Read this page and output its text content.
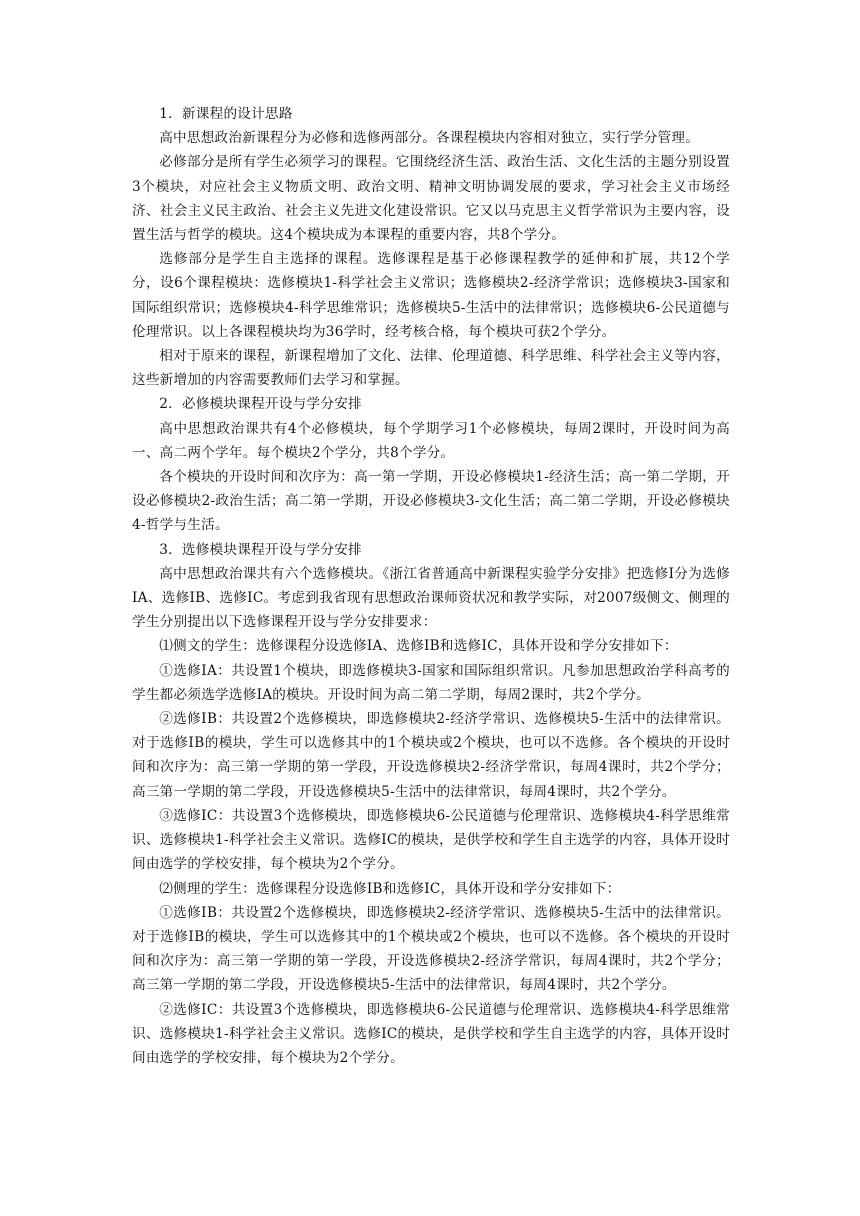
1．新课程的设计思路

高中思想政治新课程分为必修和选修两部分。各课程模块内容相对独立，实行学分管理。

必修部分是所有学生必须学习的课程。它围绕经济生活、政治生活、文化生活的主题分别设置3个模块，对应社会主义物质文明、政治文明、精神文明协调发展的要求，学习社会主义市场经济、社会主义民主政治、社会主义先进文化建设常识。它又以马克思主义哲学常识为主要内容，设置生活与哲学的模块。这4个模块成为本课程的重要内容，共8个学分。

选修部分是学生自主选择的课程。选修课程是基于必修课程教学的延伸和扩展，共12个学分，设6个课程模块：选修模块1-科学社会主义常识；选修模块2-经济学常识；选修模块3-国家和国际组织常识；选修模块4-科学思维常识；选修模块5-生活中的法律常识；选修模块6-公民道德与伦理常识。以上各课程模块均为36学时，经考核合格，每个模块可获2个学分。

相对于原来的课程，新课程增加了文化、法律、伦理道德、科学思维、科学社会主义等内容，这些新增加的内容需要教师们去学习和掌握。

2．必修模块课程开设与学分安排

高中思想政治课共有4个必修模块，每个学期学习1个必修模块，每周2课时，开设时间为高一、高二两个学年。每个模块2个学分，共8个学分。

各个模块的开设时间和次序为：高一第一学期，开设必修模块1-经济生活；高一第二学期，开设必修模块2-政治生活；高二第一学期，开设必修模块3-文化生活；高二第二学期，开设必修模块4-哲学与生活。

3．选修模块课程开设与学分安排

高中思想政治课共有六个选修模块。《浙江省普通高中新课程实验学分安排》把选修Ⅰ分为选修ⅠA、选修ⅠB、选修ⅠC。考虑到我省现有思想政治课师资状况和教学实际，对2007级侧文、侧理的学生分别提出以下选修课程开设与学分安排要求：

⑴侧文的学生：选修课程分设选修ⅠA、选修ⅠB和选修ⅠC，具体开设和学分安排如下：

①选修ⅠA：共设置1个模块，即选修模块3-国家和国际组织常识。凡参加思想政治学科高考的学生都必须选学选修ⅠA的模块。开设时间为高二第二学期，每周2课时，共2个学分。

②选修ⅠB：共设置2个选修模块，即选修模块2-经济学常识、选修模块5-生活中的法律常识。对于选修ⅠB的模块，学生可以选修其中的1个模块或2个模块，也可以不选修。各个模块的开设时间和次序为：高三第一学期的第一学段，开设选修模块2-经济学常识，每周4课时，共2个学分；高三第一学期的第二学段，开设选修模块5-生活中的法律常识，每周4课时，共2个学分。

③选修ⅠC：共设置3个选修模块，即选修模块6-公民道德与伦理常识、选修模块4-科学思维常识、选修模块1-科学社会主义常识。选修ⅠC的模块，是供学校和学生自主选学的内容，具体开设时间由选学的学校安排，每个模块为2个学分。

⑵侧理的学生：选修课程分设选修ⅠB和选修ⅠC，具体开设和学分安排如下：

①选修ⅠB：共设置2个选修模块，即选修模块2-经济学常识、选修模块5-生活中的法律常识。对于选修ⅠB的模块，学生可以选修其中的1个模块或2个模块，也可以不选修。各个模块的开设时间和次序为：高三第一学期的第一学段，开设选修模块2-经济学常识，每周4课时，共2个学分；高三第一学期的第二学段，开设选修模块5-生活中的法律常识，每周4课时，共2个学分。

②选修ⅠC：共设置3个选修模块，即选修模块6-公民道德与伦理常识、选修模块4-科学思维常识、选修模块1-科学社会主义常识。选修ⅠC的模块，是供学校和学生自主选学的内容，具体开设时间由选学的学校安排，每个模块为2个学分。
